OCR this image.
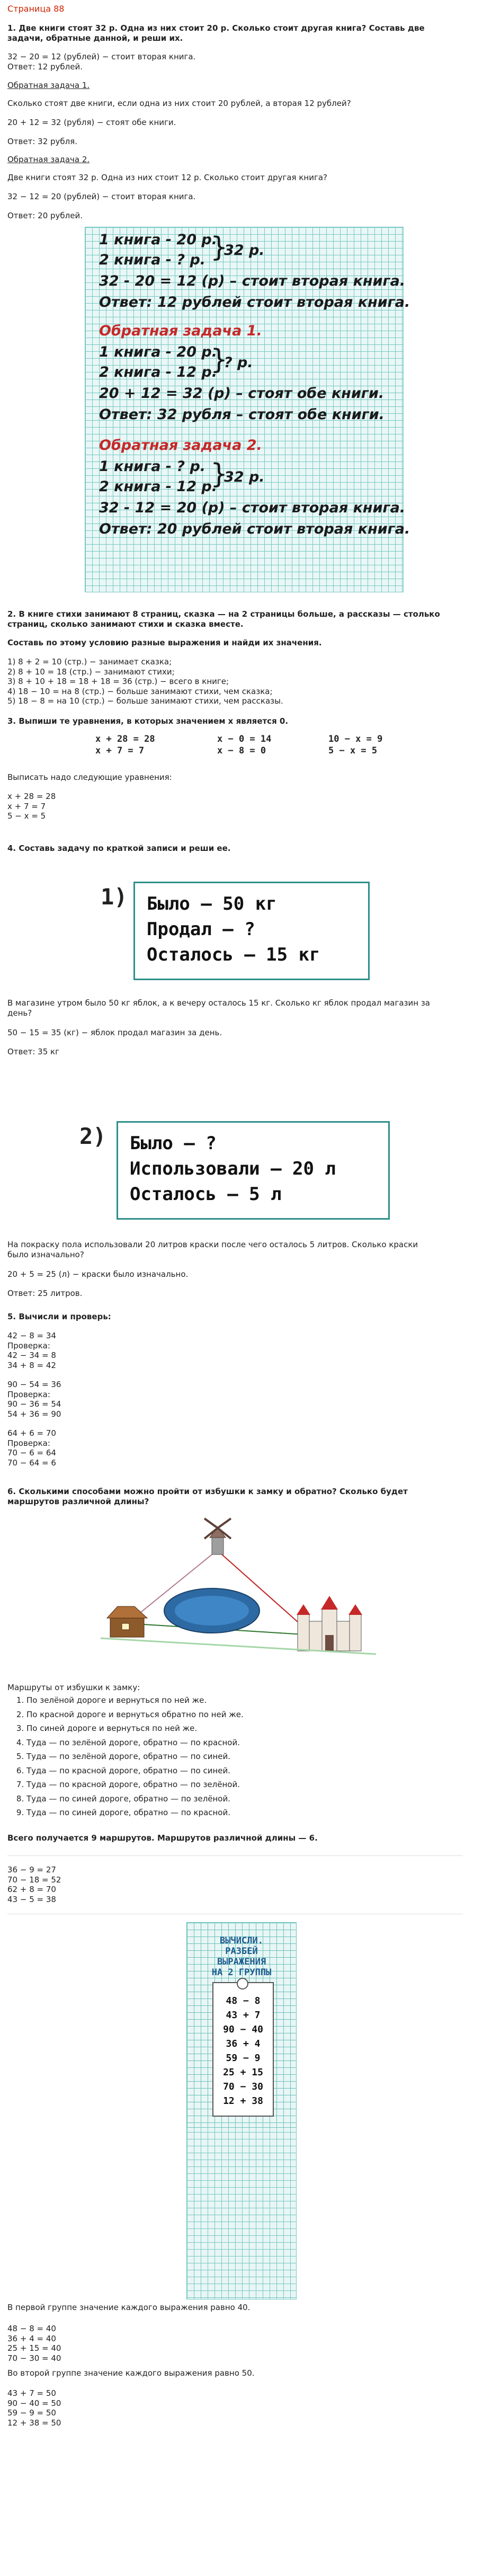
Страница 88
1. Две книги стоят 32 р. Одна из них стоит 20 р. Сколько стоит другая книга? Составь две
задачи, обратные данной, и реши их.
32 − 20 = 12 (рублей) − стоит вторая книга.
Ответ: 12 рублей.
Обратная задача 1.
Сколько стоят две книги, если одна из них стоит 20 рублей, а вторая 12 рублей?
20 + 12 = 32 (рубля) − стоят обе книги.
Ответ: 32 рубля.
Обратная задача 2.
Две книги стоят 32 р. Одна из них стоит 12 р. Сколько стоит другая книга?
32 − 12 = 20 (рублей) − стоит вторая книга.
Ответ: 20 рублей.
1 книга - 20 р.
2 книга - ? р. }
32 р.
32 - 20 = 12 (р) – стоит вторая книга.
Ответ: 12 рублей стоит вторая книга.
Обратная задача 1.
1 книга - 20 р.
2 книга - 12 р.
}
? р.
20 + 12 = 32 (р) – стоят обе книги.
Ответ: 32 рубля – стоят обе книги.
Обратная задача 2.
1 книга - ? р.
2 книга - 12 р.
}
32 р.
32 - 12 = 20 (р) – стоит вторая книга.
Ответ: 20 рублей стоит вторая книга.
2. В книге стихи занимают 8 страниц, сказка — на 2 страницы больше, а рассказы — столько
страниц, сколько занимают стихи и сказка вместе.
Составь по этому условию разные выражения и найди их значения.
1) 8 + 2 = 10 (стр.) − занимает сказка;
2) 8 + 10 = 18 (стр.) − занимают стихи;
3) 8 + 10 + 18 = 18 + 18 = 36 (стр.) − всего в книге;
4) 18 − 10 = на 8 (стр.) − больше занимают стихи, чем сказка;
5) 18 − 8 = на 10 (стр.) − больше занимают стихи, чем рассказы.
3. Выпиши те уравнения, в которых значением x является 0.
x + 28 = 28
x + 7 = 7
x − 0 = 14
x − 8 = 0
10 − x = 9
5 − x = 5
Выписать надо следующие уравнения:
x + 28 = 28
x + 7 = 7
5 − x = 5
4. Составь задачу по краткой записи и реши ее.
1) Было — 50 кг
Продал — ?
Осталось — 15 кг
В магазине утром было 50 кг яблок, а к вечеру осталось 15 кг. Сколько кг яблок продал магазин за
день?
50 − 15 = 35 (кг) − яблок продал магазин за день.
Ответ: 35 кг
2) Было — ?
Использовали — 20 л
Осталось — 5 л
На покраску пола использовали 20 литров краски после чего осталось 5 литров. Сколько краски
было изначально?
20 + 5 = 25 (л) − краски было изначально.
Ответ: 25 литров.
5. Вычисли и проверь:
42 − 8 = 34
Проверка:
42 − 34 = 8
34 + 8 = 42
90 − 54 = 36
Проверка:
90 − 36 = 54
54 + 36 = 90
64 + 6 = 70
Проверка:
70 − 6 = 64
70 − 64 = 6
6. Сколькими способами можно пройти от избушки к замку и обратно? Сколько будет
маршрутов различной длины?
Маршруты от избушки к замку:
1. По зелёной дороге и вернуться по ней же.
2. По красной дороге и вернуться обратно по ней же.
3. По синей дороге и вернуться по ней же.
4. Туда — по зелёной дороге, обратно — по красной.
5. Туда — по зелёной дороге, обратно — по синей.
6. Туда — по красной дороге, обратно — по синей.
7. Туда — по красной дороге, обратно — по зелёной.
8. Туда — по синей дороге, обратно — по зелёной.
9. Туда — по синей дороге, обратно — по красной.
Всего получается 9 маршрутов. Маршрутов различной длины — 6.
36 − 9 = 27
70 − 18 = 52
62 + 8 = 70
43 − 5 = 38
ВЫЧИСЛИ.
РАЗБЕЙ
ВЫРАЖЕНИЯ
НА 2 ГРУППЫ
48 − 8
43 + 7
90 − 40
36 + 4
59 − 9
25 + 15
70 − 30
12 + 38
В первой группе значение каждого выражения равно 40.
48 − 8 = 40
36 + 4 = 40
25 + 15 = 40
70 − 30 = 40
Во второй группе значение каждого выражения равно 50.
43 + 7 = 50
90 − 40 = 50
59 − 9 = 50
12 + 38 = 50
